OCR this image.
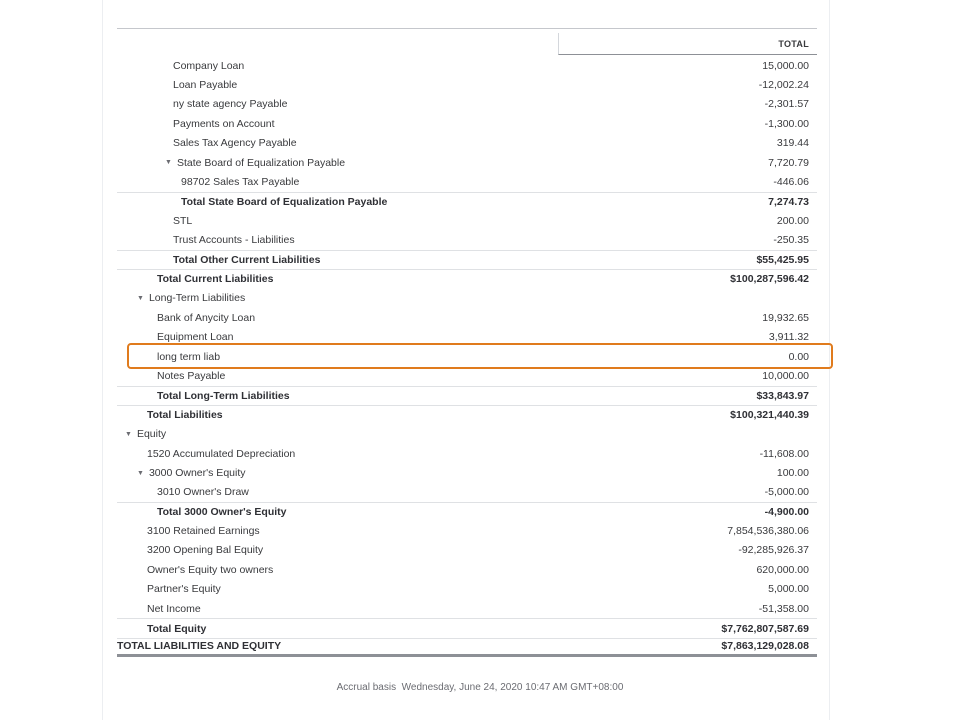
TOTAL
Company Loan	15,000.00
Loan Payable	-12,002.24
ny state agency Payable	-2,301.57
Payments on Account	-1,300.00
Sales Tax Agency Payable	319.44
▼ State Board of Equalization Payable	7,720.79
98702 Sales Tax Payable	-446.06
Total State Board of Equalization Payable	7,274.73
STL	200.00
Trust Accounts - Liabilities	-250.35
Total Other Current Liabilities	$55,425.95
Total Current Liabilities	$100,287,596.42
▼ Long-Term Liabilities
Bank of Anycity Loan	19,932.65
Equipment Loan	3,911.32
long term liab	0.00
Notes Payable	10,000.00
Total Long-Term Liabilities	$33,843.97
Total Liabilities	$100,321,440.39
▼ Equity
1520 Accumulated Depreciation	-11,608.00
▼ 3000 Owner's Equity	100.00
3010 Owner's Draw	-5,000.00
Total 3000 Owner's Equity	-4,900.00
3100 Retained Earnings	7,854,536,380.06
3200 Opening Bal Equity	-92,285,926.37
Owner's Equity two owners	620,000.00
Partner's Equity	5,000.00
Net Income	-51,358.00
Total Equity	$7,762,807,587.69
TOTAL LIABILITIES AND EQUITY	$7,863,129,028.08
Accrual basis Wednesday, June 24, 2020 10:47 AM GMT+08:00
